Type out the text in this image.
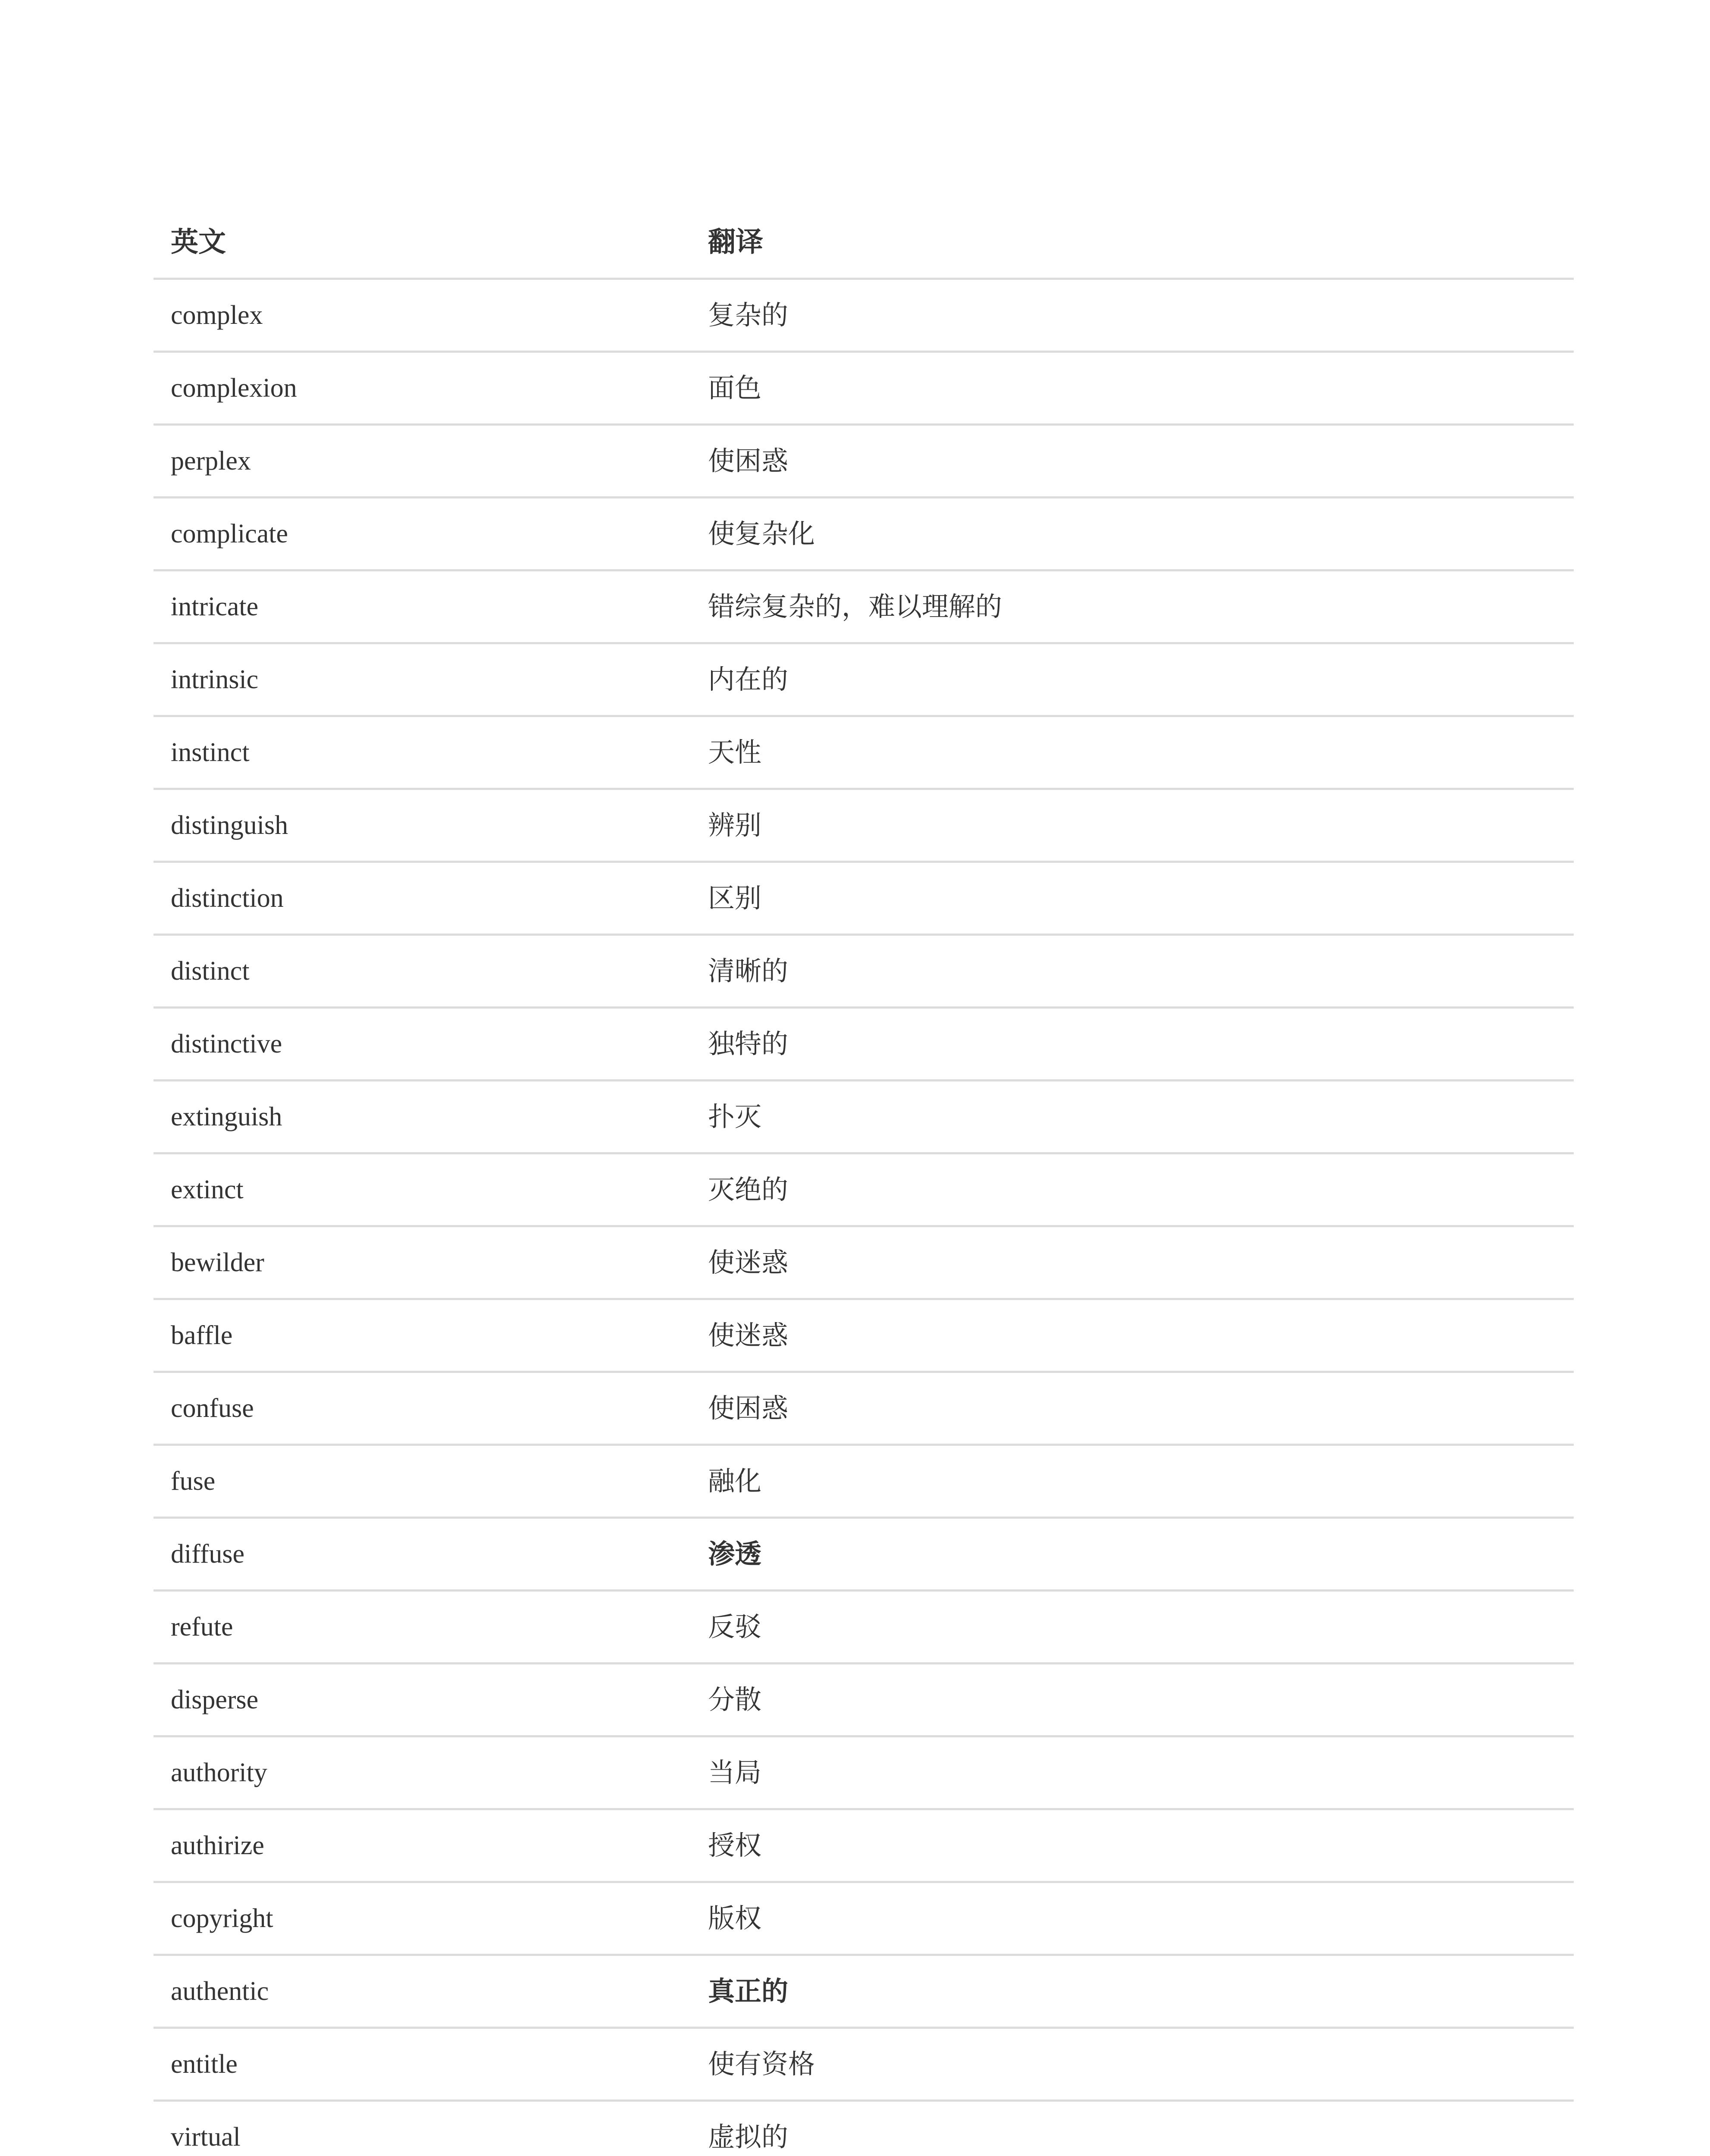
英文	翻译
complex	复杂的
complexion	面色
perplex	使困惑
complicate	使复杂化
intricate	错综复杂的，难以理解的
intrinsic	内在的
instinct	天性
distinguish	辨别
distinction	区别
distinct	清晰的
distinctive	独特的
extinguish	扑灭
extinct	灭绝的
bewilder	使迷惑
baffle	使迷惑
confuse	使困惑
fuse	融化
diffuse	渗透
refute	反驳
disperse	分散
authority	当局
authirize	授权
copyright	版权
authentic	真正的
entitle	使有资格
virtual	虚拟的
